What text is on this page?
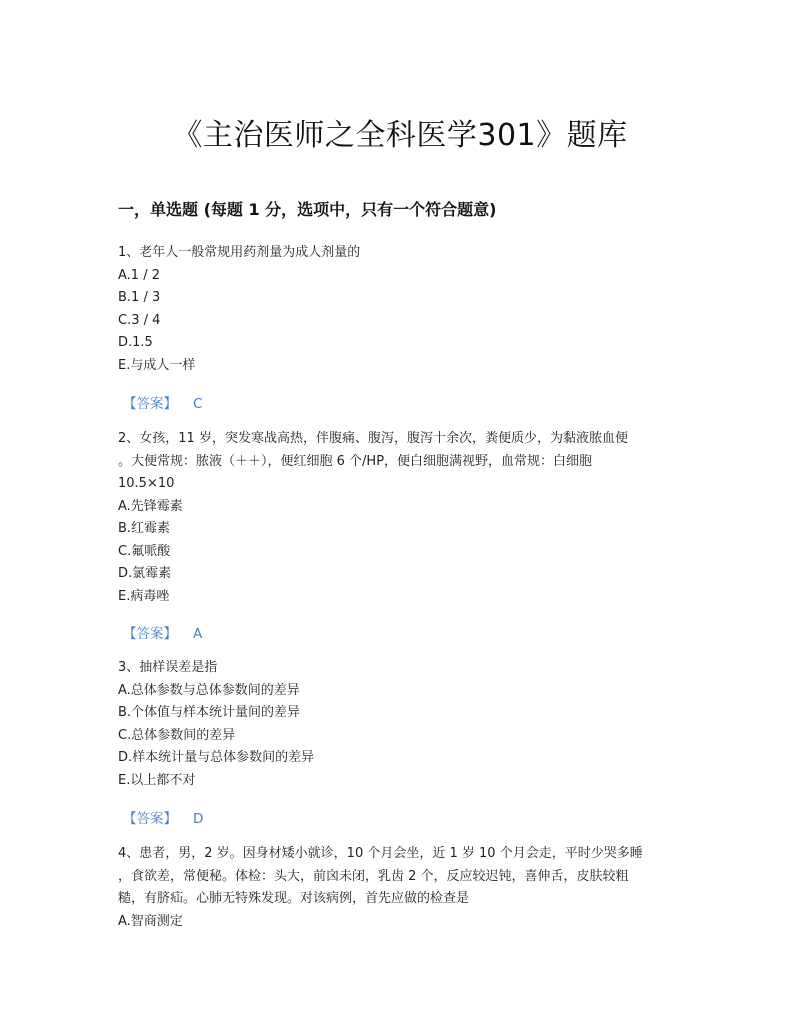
《主治医师之全科医学301》题库
一，单选题 (每题 1 分，选项中，只有一个符合题意)
1、老年人一般常规用药剂量为成人剂量的
A.1 / 2
B.1 / 3
C.3 / 4
D.1.5
E.与成人一样
【答案】 C
2、女孩，11 岁，突发寒战高热，伴腹痛、腹泻，腹泻十余次，粪便质少，为黏液脓血便
。大便常规：脓液（＋＋），便红细胞 6 个/HP，便白细胞满视野，血常规：白细胞
10.5×10
A.先锋霉素
B.红霉素
C.氟哌酸
D.氯霉素
E.病毒唑
【答案】 A
3、抽样误差是指
A.总体参数与总体参数间的差异
B.个体值与样本统计量间的差异
C.总体参数间的差异
D.样本统计量与总体参数间的差异
E.以上都不对
【答案】 D
4、患者，男，2 岁。因身材矮小就诊，10 个月会坐，近 1 岁 10 个月会走，平时少哭多睡
，食欲差，常便秘。体检：头大，前囟未闭，乳齿 2 个，反应较迟钝，喜伸舌，皮肤较粗
糙，有脐疝。心肺无特殊发现。对该病例，首先应做的检查是
A.智商测定
